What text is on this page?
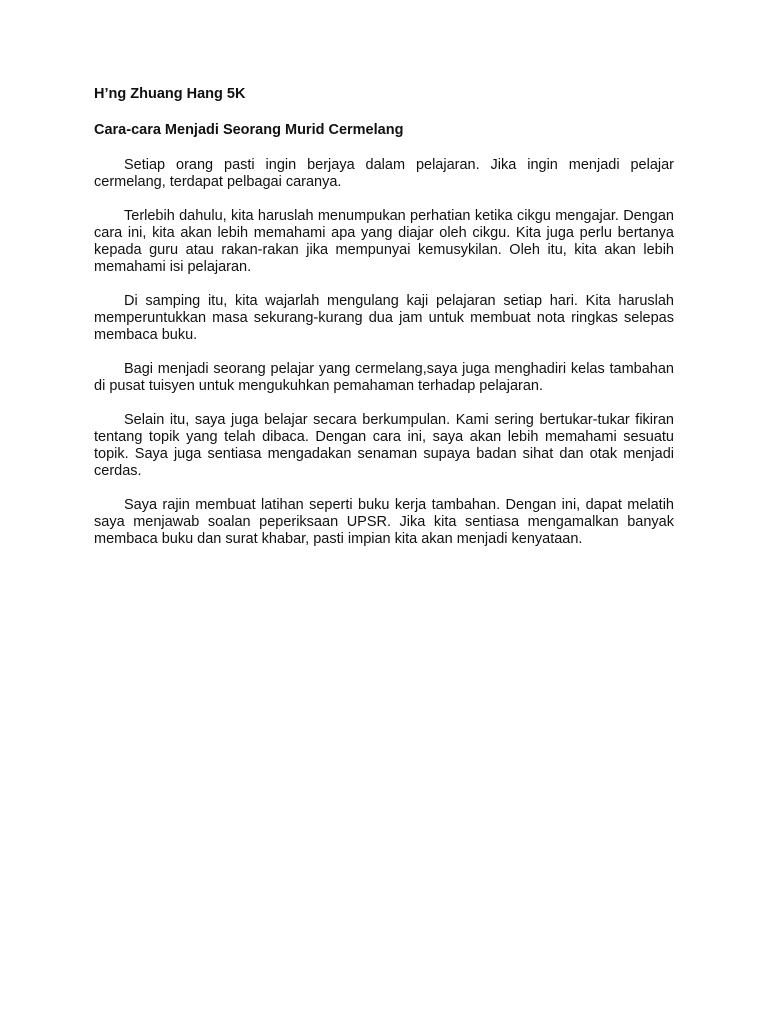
H’ng Zhuang Hang 5K

Cara-cara Menjadi Seorang Murid Cermelang

Setiap orang pasti ingin berjaya dalam pelajaran. Jika ingin menjadi pelajar cermelang, terdapat pelbagai caranya.

Terlebih dahulu, kita haruslah menumpukan perhatian ketika cikgu mengajar. Dengan cara ini, kita akan lebih memahami apa yang diajar oleh cikgu. Kita juga perlu bertanya kepada guru atau rakan-rakan jika mempunyai kemusykilan. Oleh itu, kita akan lebih memahami isi pelajaran.

Di samping itu, kita wajarlah mengulang kaji pelajaran setiap hari. Kita haruslah memperuntukkan masa sekurang-kurang dua jam untuk membuat nota ringkas selepas membaca buku.

Bagi menjadi seorang pelajar yang cermelang,saya juga menghadiri kelas tambahan di pusat tuisyen untuk mengukuhkan pemahaman terhadap pelajaran.

Selain itu, saya juga belajar secara berkumpulan. Kami sering bertukar-tukar fikiran tentang topik yang telah dibaca. Dengan cara ini, saya akan lebih memahami sesuatu topik. Saya juga sentiasa mengadakan senaman supaya badan sihat dan otak menjadi cerdas.

Saya rajin membuat latihan seperti buku kerja tambahan. Dengan ini, dapat melatih saya menjawab soalan peperiksaan UPSR. Jika kita sentiasa mengamalkan banyak membaca buku dan surat khabar, pasti impian kita akan menjadi kenyataan.
